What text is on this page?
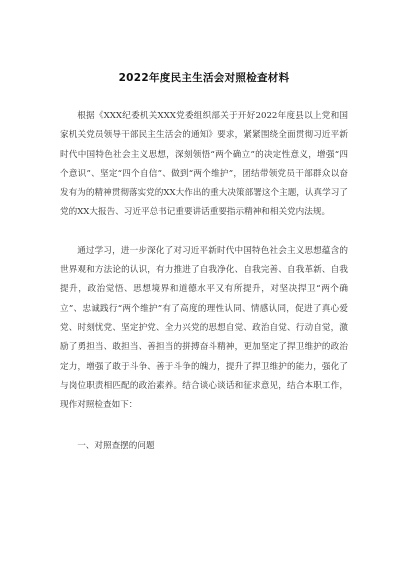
2022年度民主生活会对照检查材料

根据《XXX纪委机关XXX党委组织部关于开好2022年度县以上党和国家机关党员领导干部民主生活会的通知》要求，紧紧围绕全面贯彻习近平新时代中国特色社会主义思想，深刻领悟“两个确立”的决定性意义，增强“四个意识”、坚定“四个自信”、做到“两个维护”，团结带领党员干部群众以奋发有为的精神贯彻落实党的XX大作出的重大决策部署这个主题，认真学习了党的XX大报告、习近平总书记重要讲话重要指示精神和相关党内法规。

通过学习，进一步深化了对习近平新时代中国特色社会主义思想蕴含的世界观和方法论的认识，有力推进了自我净化、自我完善、自我革新、自我提升，政治觉悟、思想境界和道德水平又有所提升，对坚决捍卫“两个确立”、忠诚践行“两个维护”有了高度的理性认同、情感认同，促进了真心爱党、时刻忧党、坚定护党、全力兴党的思想自觉、政治自觉、行动自觉，激励了勇担当、敢担当、善担当的拼搏奋斗精神，更加坚定了捍卫维护的政治定力，增强了敢于斗争、善于斗争的魄力，提升了捍卫维护的能力，强化了与岗位职责相匹配的政治素养。结合谈心谈话和征求意见，结合本职工作，现作对照检查如下：

一、对照查摆的问题
